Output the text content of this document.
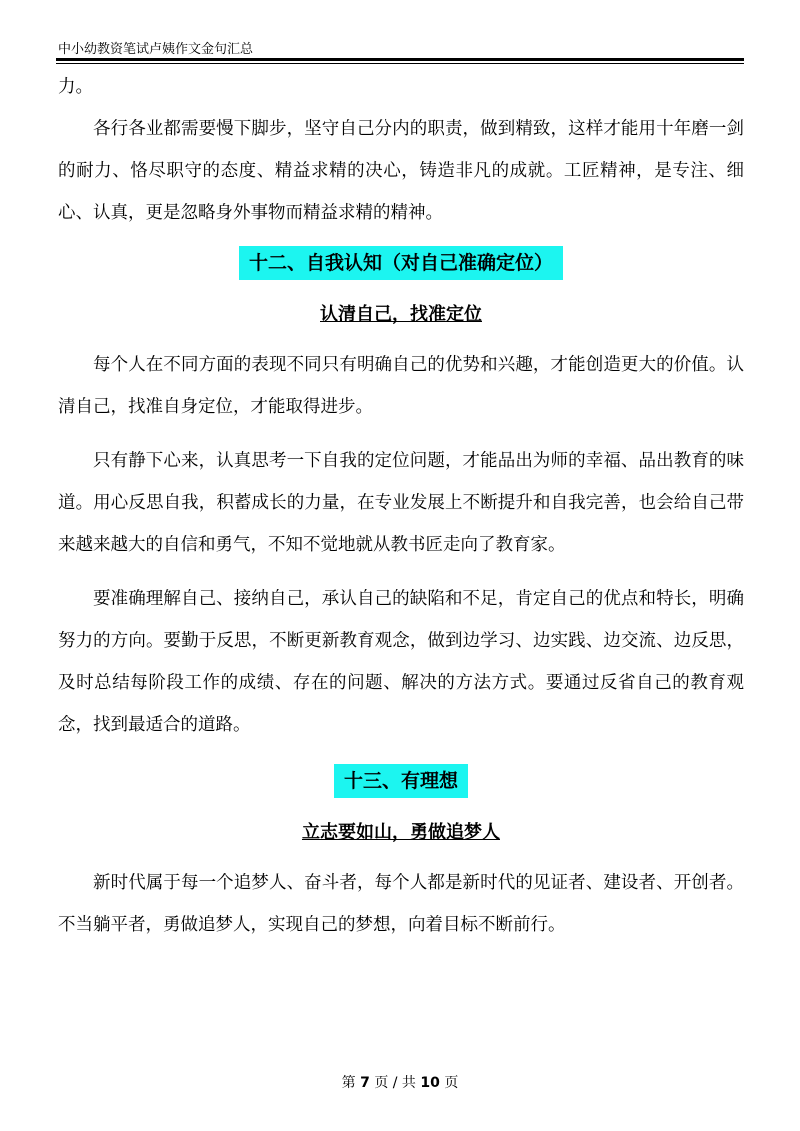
中小幼教资笔试卢姨作文金句汇总

力。

各行各业都需要慢下脚步，坚守自己分内的职责，做到精致，这样才能用十年磨一剑的耐力、恪尽职守的态度、精益求精的决心，铸造非凡的成就。工匠精神，是专注、细心、认真，更是忽略身外事物而精益求精的精神。

十二、自我认知（对自己准确定位）
认清自己，找准定位

每个人在不同方面的表现不同只有明确自己的优势和兴趣，才能创造更大的价值。认清自己，找准自身定位，才能取得进步。

只有静下心来，认真思考一下自我的定位问题，才能品出为师的幸福、品出教育的味道。用心反思自我，积蓄成长的力量，在专业发展上不断提升和自我完善，也会给自己带来越来越大的自信和勇气，不知不觉地就从教书匠走向了教育家。

要准确理解自己、接纳自己，承认自己的缺陷和不足，肯定自己的优点和特长，明确努力的方向。要勤于反思，不断更新教育观念，做到边学习、边实践、边交流、边反思，及时总结每阶段工作的成绩、存在的问题、解决的方法方式。要通过反省自己的教育观念，找到最适合的道路。

十三、有理想
立志要如山，勇做追梦人

新时代属于每一个追梦人、奋斗者，每个人都是新时代的见证者、建设者、开创者。不当躺平者，勇做追梦人，实现自己的梦想，向着目标不断前行。

第 7 页 / 共 10 页
